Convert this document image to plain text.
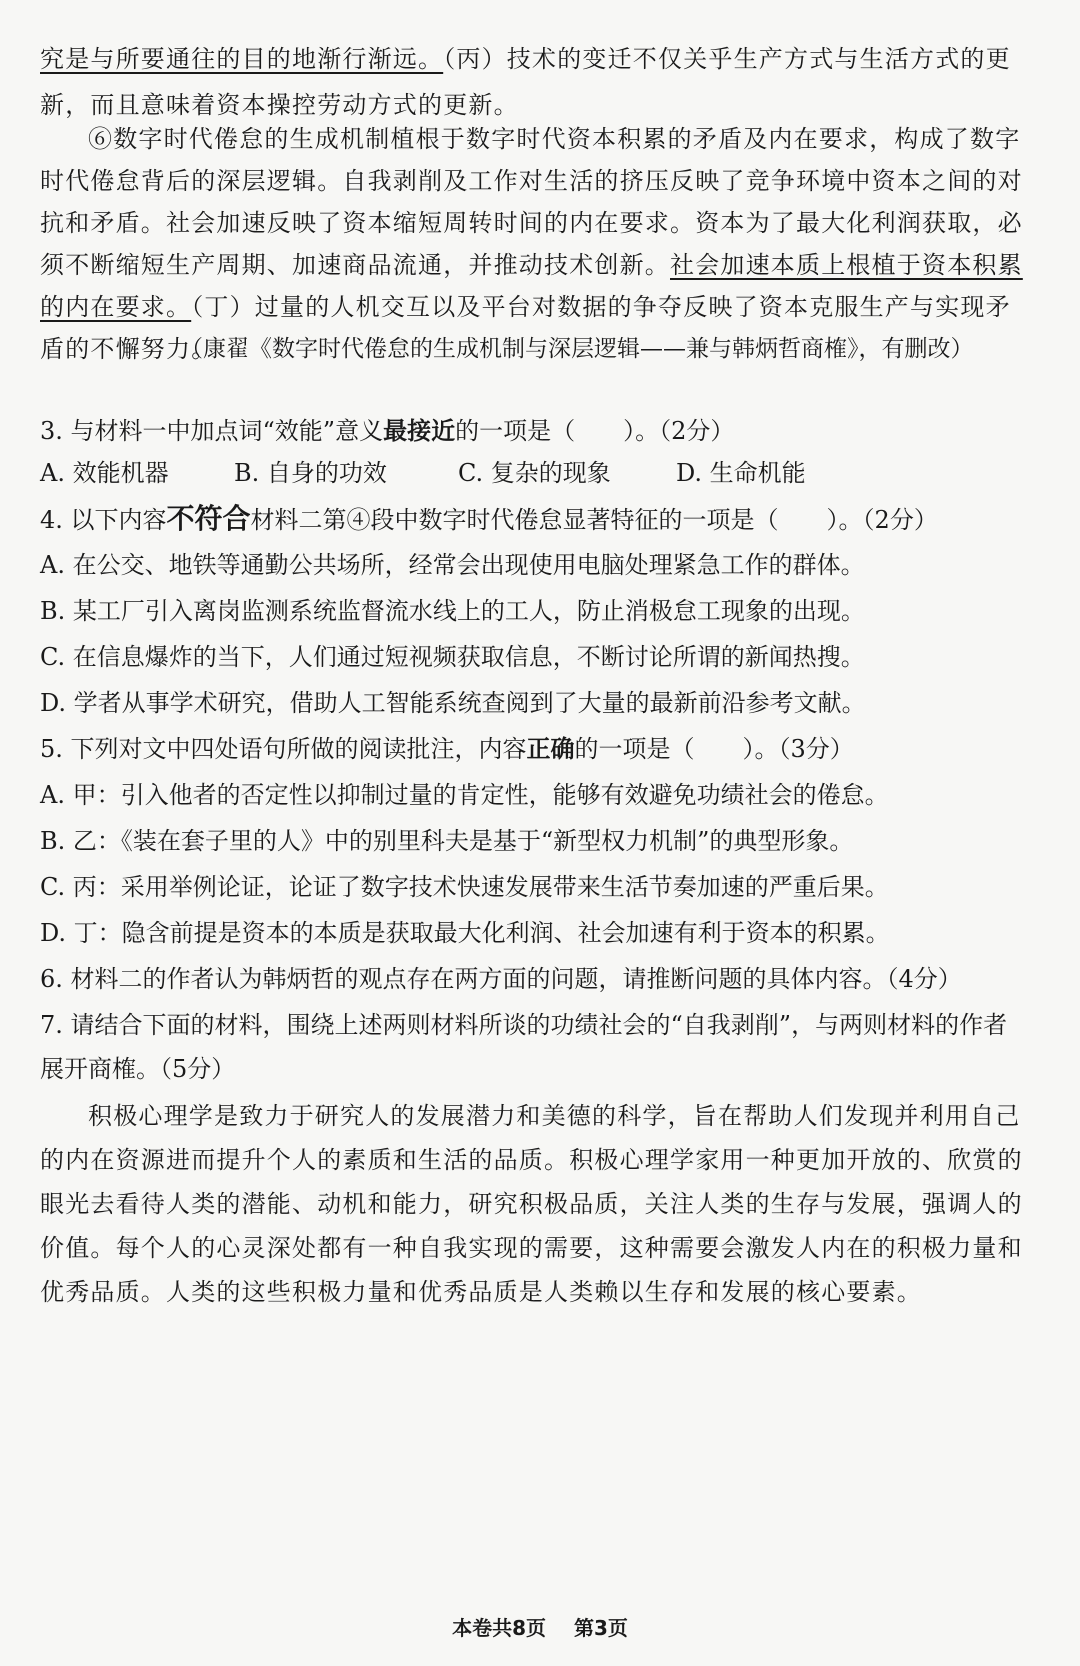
究是与所要通往的目的地渐行渐远。（丙）技术的变迁不仅关乎生产方式与生活方式的更新，而且意味着资本操控劳动方式的更新。

⑥数字时代倦怠的生成机制植根于数字时代资本积累的矛盾及内在要求，构成了数字时代倦怠背后的深层逻辑。自我剥削及工作对生活的挤压反映了竞争环境中资本之间的对抗和矛盾。社会加速反映了资本缩短周转时间的内在要求。资本为了最大化利润获取，必须不断缩短生产周期、加速商品流通，并推动技术创新。社会加速本质上根植于资本积累的内在要求。（丁）过量的人机交互以及平台对数据的争夺反映了资本克服生产与实现矛盾的不懈努力。

（康翟《数字时代倦怠的生成机制与深层逻辑——兼与韩炳哲商榷》，有删改）
3. 与材料一中加点词“效能”意义最接近的一项是（　　）。（2分）
A. 效能机器	B. 自身的功效	C. 复杂的现象	D. 生命机能
4. 以下内容不符合材料二第④段中数字时代倦怠显著特征的一项是（　　）。（2分）
A. 在公交、地铁等通勤公共场所，经常会出现使用电脑处理紧急工作的群体。
B. 某工厂引入离岗监测系统监督流水线上的工人，防止消极怠工现象的出现。
C. 在信息爆炸的当下，人们通过短视频获取信息，不断讨论所谓的新闻热搜。
D. 学者从事学术研究，借助人工智能系统查阅到了大量的最新前沿参考文献。
5. 下列对文中四处语句所做的阅读批注，内容正确的一项是（　　）。（3分）
A. 甲：引入他者的否定性以抑制过量的肯定性，能够有效避免功绩社会的倦怠。
B. 乙：《装在套子里的人》中的别里科夫是基于“新型权力机制”的典型形象。
C. 丙：采用举例论证，论证了数字技术快速发展带来生活节奏加速的严重后果。
D. 丁：隐含前提是资本的本质是获取最大化利润、社会加速有利于资本的积累。
6. 材料二的作者认为韩炳哲的观点存在两方面的问题，请推断问题的具体内容。（4分）
7. 请结合下面的材料，围绕上述两则材料所谈的功绩社会的“自我剥削”，与两则材料的作者
展开商榷。（5分）

积极心理学是致力于研究人的发展潜力和美德的科学，旨在帮助人们发现并利用自己的内在资源进而提升个人的素质和生活的品质。积极心理学家用一种更加开放的、欣赏的眼光去看待人类的潜能、动机和能力，研究积极品质，关注人类的生存与发展，强调人的价值。每个人的心灵深处都有一种自我实现的需要，这种需要会激发人内在的积极力量和优秀品质。人类的这些积极力量和优秀品质是人类赖以生存和发展的核心要素。

本卷共8页 第3页
